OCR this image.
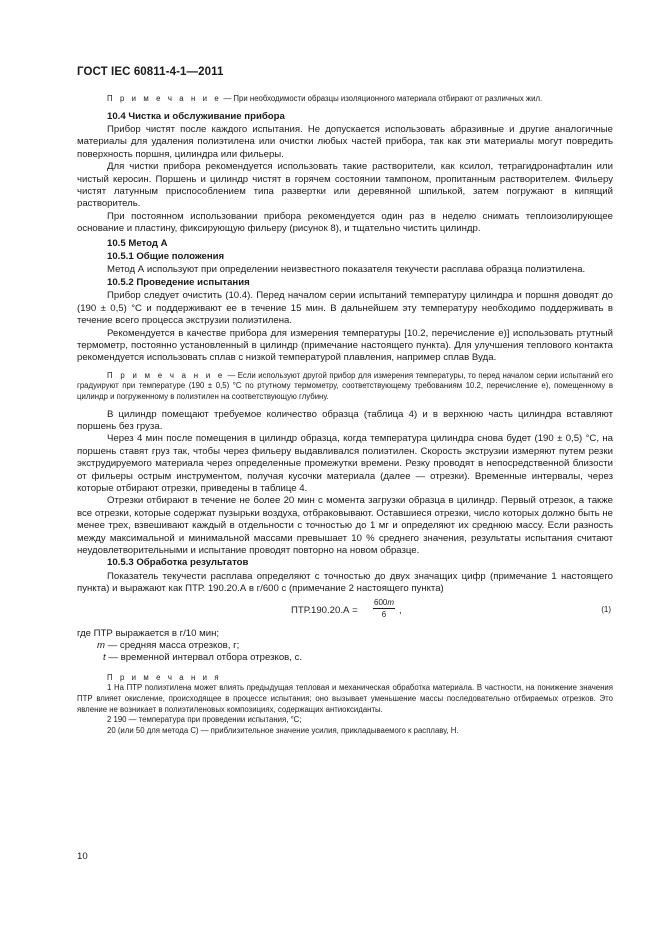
ГОСТ IEC 60811-4-1—2011

П р и м е ч а н и е — При необходимости образцы изоляционного материала отбирают от различных жил.

10.4 Чистка и обслуживание прибора

Прибор чистят после каждого испытания. Не допускается использовать абразивные и другие аналогичные материалы для удаления полиэтилена или очистки любых частей прибора, так как эти материалы могут повредить поверхность поршня, цилиндра или фильеры.

Для чистки прибора рекомендуется использовать такие растворители, как ксилол, тетрагидронафталин или чистый керосин. Поршень и цилиндр чистят в горячем состоянии тампоном, пропитанным растворителем. Фильеру чистят латунным приспособлением типа развертки или деревянной шпилькой, затем погружают в кипящий растворитель.

При постоянном использовании прибора рекомендуется один раз в неделю снимать теплоизолирующее основание и пластину, фиксирующую фильеру (рисунок 8), и тщательно чистить цилиндр.

10.5 Метод А
10.5.1 Общие положения

Метод А используют при определении неизвестного показателя текучести расплава образца полиэтилена.

10.5.2 Проведение испытания

Прибор следует очистить (10.4). Перед началом серии испытаний температуру цилиндра и поршня доводят до (190 ± 0,5) °С и поддерживают ее в течение 15 мин. В дальнейшем эту температуру необходимо поддерживать в течение всего процесса экструзии полиэтилена.

Рекомендуется в качестве прибора для измерения температуры [10.2, перечисление е)] использовать ртутный термометр, постоянно установленный в цилиндр (примечание настоящего пункта). Для улучшения теплового контакта рекомендуется использовать сплав с низкой температурой плавления, например сплав Вуда.

П р и м е ч а н и е — Если используют другой прибор для измерения температуры, то перед началом серии испытаний его градуируют при температуре (190 ± 0,5) °С по ртутному термометру, соответствующему требованиям 10.2, перечисление е), помещенному в цилиндр и погруженному в полиэтилен на соответствующую глубину.

В цилиндр помещают требуемое количество образца (таблица 4) и в верхнюю часть цилиндра вставляют поршень без груза.

Через 4 мин после помещения в цилиндр образца, когда температура цилиндра снова будет (190 ± 0,5) °С, на поршень ставят груз так, чтобы через фильеру выдавливался полиэтилен. Скорость экструзии измеряют путем резки экструдируемого материала через определенные промежутки времени. Резку проводят в непосредственной близости от фильеры острым инструментом, получая кусочки материала (далее — отрезки). Временные интервалы, через которые отбирают отрезки, приведены в таблице 4.

Отрезки отбирают в течение не более 20 мин с момента загрузки образца в цилиндр. Первый отрезок, а также все отрезки, которые содержат пузырьки воздуха, отбраковывают. Оставшиеся отрезки, число которых должно быть не менее трех, взвешивают каждый в отдельности с точностью до 1 мг и определяют их среднюю массу. Если разность между максимальной и минимальной массами превышает 10 % среднего значения, результаты испытания считают неудовлетворительными и испытание проводят повторно на новом образце.

10.5.3 Обработка результатов

Показатель текучести расплава определяют с точностью до двух значащих цифр (примечание 1 настоящего пункта) и выражают как ПТР. 190.20.А в г/600 с (примечание 2 настоящего пункта)

$ПТР.190.20.А = \frac{600m}{6}$ ,	(1)

где ПТР выражается в г/10 мин;

m — средняя масса отрезков, г;

t — временной интервал отбора отрезков, с.

П р и м е ч а н и я

1 На ПТР полиэтилена может влиять предыдущая тепловая и механическая обработка материала. В частности, на понижение значения ПТР влияет окисление, происходящее в процессе испытания; оно вызывает уменьшение массы последовательно отбираемых отрезков. Это явление не возникает в полиэтиленовых композициях, содержащих антиоксиданты.

2 190 — температура при проведении испытания, °С;

20 (или 50 для метода С) — приблизительное значение усилия, прикладываемого к расплаву, Н.

10
